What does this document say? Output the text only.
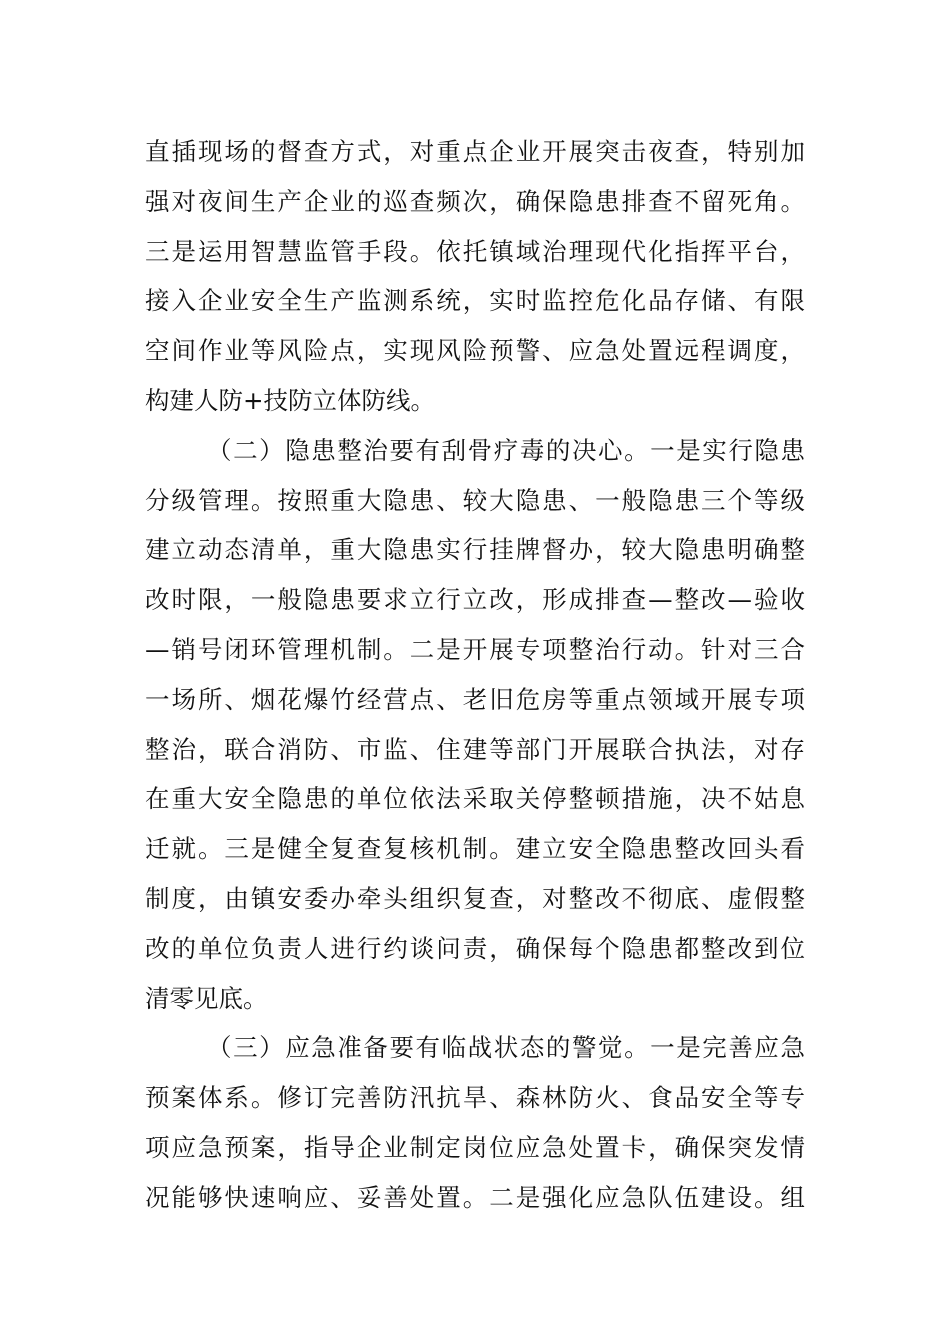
直插现场的督查方式，对重点企业开展突击夜查，特别加
强对夜间生产企业的巡查频次，确保隐患排查不留死角。
三是运用智慧监管手段。依托镇域治理现代化指挥平台，
接入企业安全生产监测系统，实时监控危化品存储、有限
空间作业等风险点，实现风险预警、应急处置远程调度，
构建人防+技防立体防线。
（二）隐患整治要有刮骨疗毒的决心。一是实行隐患
分级管理。按照重大隐患、较大隐患、一般隐患三个等级
建立动态清单，重大隐患实行挂牌督办，较大隐患明确整
改时限，一般隐患要求立行立改，形成排查—整改—验收
—销号闭环管理机制。二是开展专项整治行动。针对三合
一场所、烟花爆竹经营点、老旧危房等重点领域开展专项
整治，联合消防、市监、住建等部门开展联合执法，对存
在重大安全隐患的单位依法采取关停整顿措施，决不姑息
迁就。三是健全复查复核机制。建立安全隐患整改回头看
制度，由镇安委办牵头组织复查，对整改不彻底、虚假整
改的单位负责人进行约谈问责，确保每个隐患都整改到位
清零见底。
（三）应急准备要有临战状态的警觉。一是完善应急
预案体系。修订完善防汛抗旱、森林防火、食品安全等专
项应急预案，指导企业制定岗位应急处置卡，确保突发情
况能够快速响应、妥善处置。二是强化应急队伍建设。组
